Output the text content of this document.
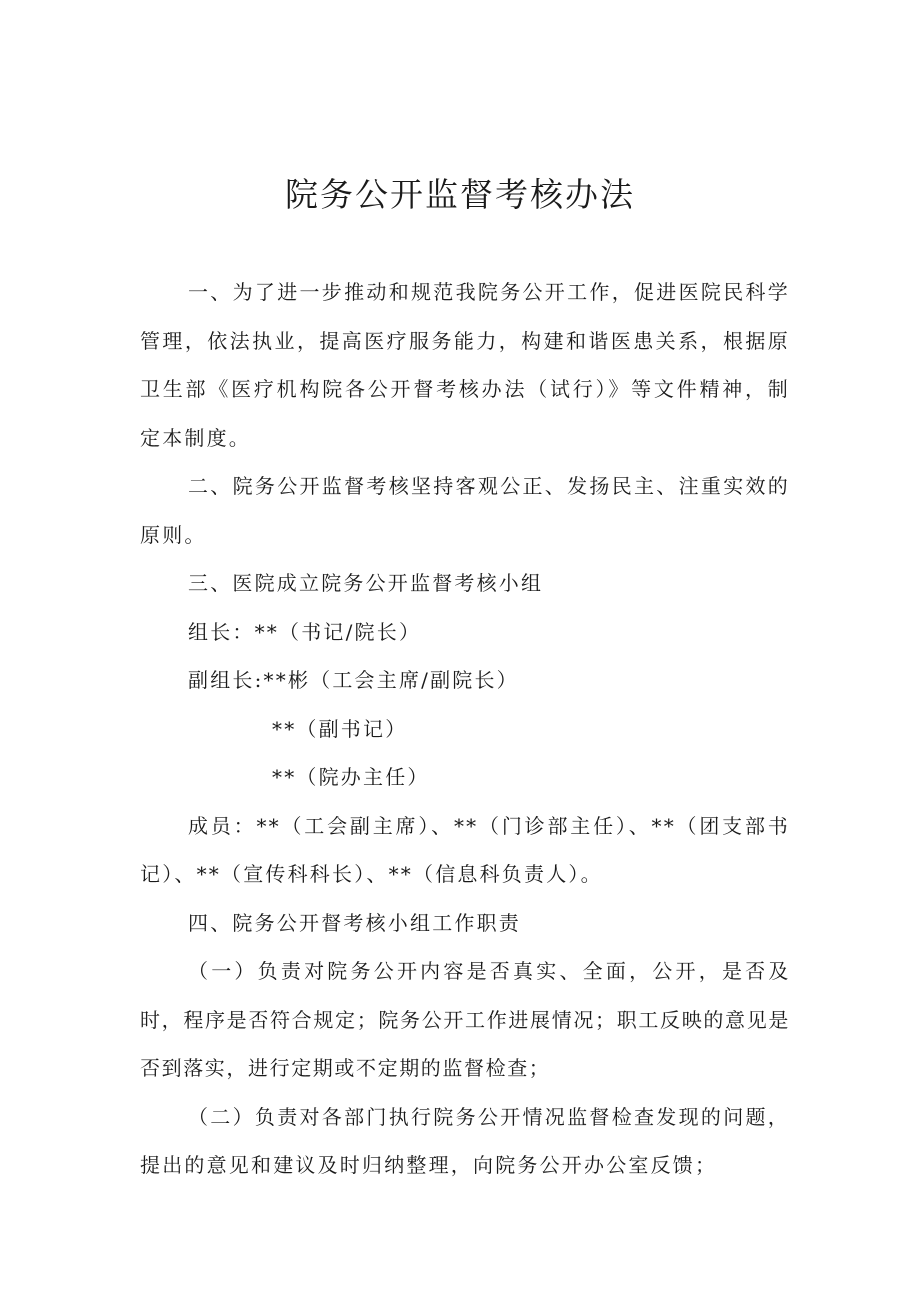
院务公开监督考核办法

一、为了进一步推动和规范我院务公开工作，促进医院民科学管理，依法执业，提高医疗服务能力，构建和谐医患关系，根据原卫生部《医疗机构院各公开督考核办法（试行）》等文件精神，制定本制度。

二、院务公开监督考核坚持客观公正、发扬民主、注重实效的原则。

三、医院成立院务公开监督考核小组

组长：**（书记/院长）

副组长:**彬（工会主席/副院长）

**（副书记）

**（院办主任）

成员：**（工会副主席）、**（门诊部主任）、**（团支部书记）、**（宣传科科长）、**（信息科负责人）。

四、院务公开督考核小组工作职责

（一）负责对院务公开内容是否真实、全面，公开，是否及时，程序是否符合规定；院务公开工作进展情况；职工反映的意见是否到落实，进行定期或不定期的监督检查；

（二）负责对各部门执行院务公开情况监督检查发现的问题，提出的意见和建议及时归纳整理，向院务公开办公室反馈；
